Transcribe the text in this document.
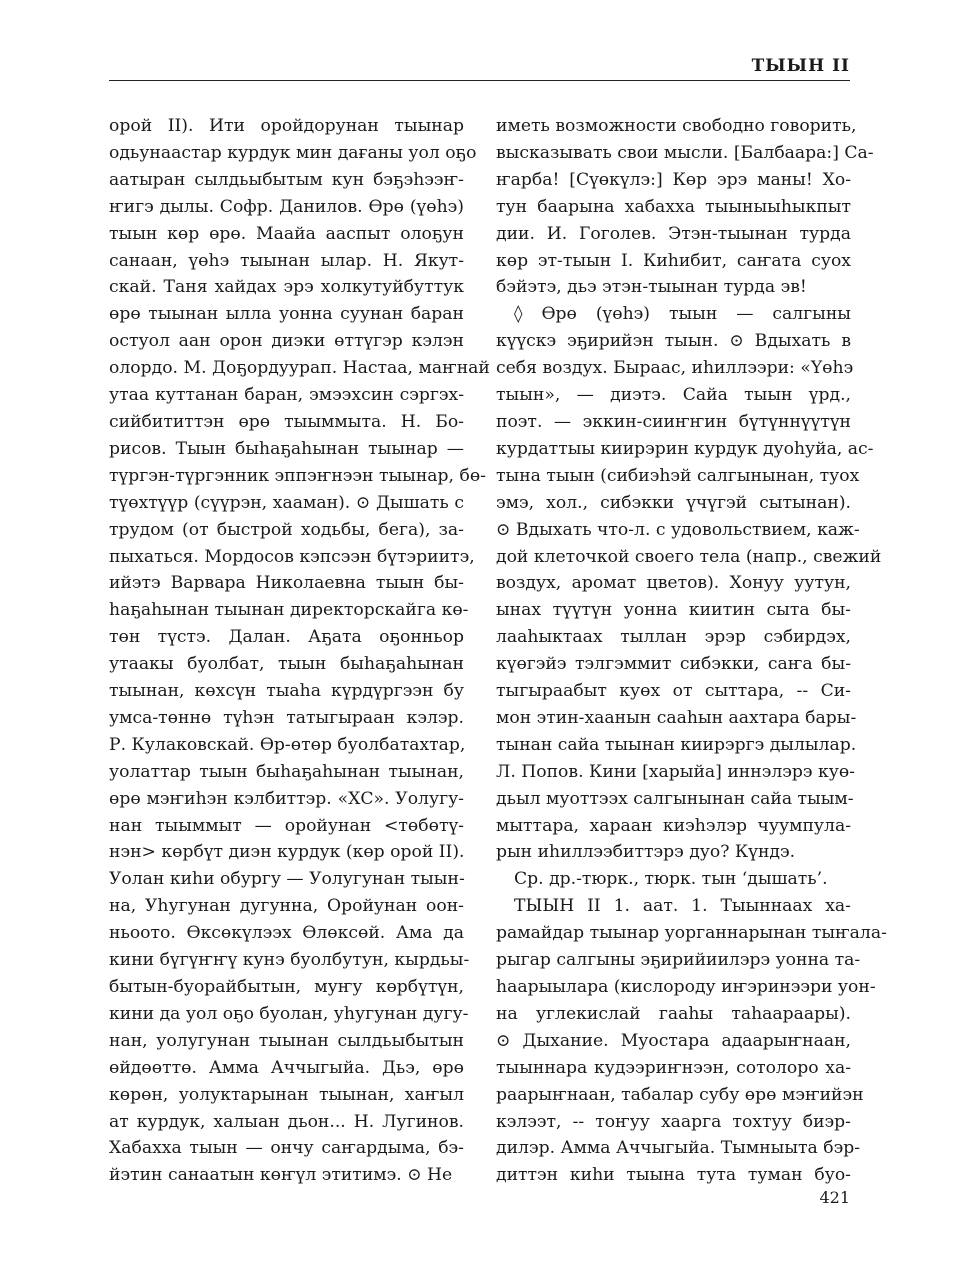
ТЫЫН II
орой II). Ити оройдорунан тыынар
одьунаастар курдук мин дағаны уол оҕо
аатыран сылдьыбытым кун бэҕэһээҥ-
ҥигэ дылы. Софр. Данилов. Өрө (үөһэ)
тыын көр өрө. Маайа ааспыт олоҕун
санаан, үөһэ тыынан ылар. Н. Якут-
скай. Таня хайдах эрэ холкутуйбуттук
өрө тыынан ылла уонна суунан баран
остуол аан орон диэки өттүгэр кэлэн
олордо. М. Доҕордуурап. Настаа, маҥнай
утаа куттанан баран, эмээхсин сэргэх-
сийбититтэн өрө тыыммыта. Н. Бо-
рисов. Тыын быһаҕаһынан тыынар —
түргэн-түргэнник эппэҥнээн тыынар, бө-
түөхтүүр (сүүрэн, хааман). ⊙ Дышать с
трудом (от быстрой ходьбы, бега), за-
пыхаться. Мордосов кэпсээн бүтэриитэ,
ийэтэ Варвара Николаевна тыын бы-
һаҕаһынан тыынан директорскайга кө-
төн түстэ. Далан. Аҕата оҕонньор
утаакы буолбат, тыын быһаҕаһынан
тыынан, көхсүн тыаһа күрдүргээн бу
умса-төннө түһэн татыгыраан кэлэр.
Р. Кулаковскай. Өр-өтөр буолбатахтар,
уолаттар тыын быһаҕаһынан тыынан,
өрө мэҥиһэн кэлбиттэр. «ХС». Уолугу-
нан тыыммыт — оройунан <төбөтү-
нэн> көрбүт диэн курдук (көр орой II).
Уолан киһи обургу — Уолугунан тыын-
на, Уһугунан дугунна, Оройунан оон-
ньоото. Өксөкүлээх Өлөксөй. Ама да
кини бүгүҥҥү кунэ буолбутун, кырдьы-
бытын-буорайбытын, муҥу көрбүтүн,
кини да уол оҕо буолан, уһугунан дугу-
нан, уолугунан тыынан сылдьыбытын
өйдөөттө. Амма Аччыгыйа. Дьэ, өрө
көрөн, уолуктарынан тыынан, хаҥыл
ат курдук, халыан дьон... Н. Лугинов.
Хабахха тыын — ончу саҥардыма, бэ-
йэтин санаатын көҥүл этитимэ. ⊙ Не
иметь возможности свободно говорить,
высказывать свои мысли. [Балбаара:] Са-
ҥарба! [Сүөкүлэ:] Көр эрэ маны! Хо-
тун баарына хабахха тыыныыһыкпыт
дии. И. Гоголев. Этэн-тыынан турда
көр эт-тыын I. Киһибит, саҥата суох
бэйэтэ, дьэ этэн-тыынан турда эв!
◊ Өрө (үөһэ) тыын — салгыны
күүскэ эҕирийэн тыын. ⊙ Вдыхать в
себя воздух. Быраас, иһиллээри: «Үөһэ
тыын», — диэтэ. Сайа тыын үрд.,
поэт. — эккин-сииҥҥин бүтүннүүтүн
курдаттыы киирэрин курдук дуоһуйа, ас-
тына тыын (сибиэһэй салгынынан, туох
эмэ, хол., сибэкки үчүгэй сытынан).
⊙ Вдыхать что-л. с удовольствием, каж-
дой клеточкой своего тела (напр., свежий
воздух, аромат цветов). Хонуу уутун,
ынах түүтүн уонна киитин сыта бы-
лааһыктаах тыллан эрэр сэбирдэх,
күөгэйэ тэлгэммит сибэкки, саҥа бы-
тыгыраабыт куөх от сыттара, -- Си-
мон этин-хаанын сааһын аахтара бары-
тынан сайа тыынан киирэргэ дылылар.
Л. Попов. Кини [харыйа] иннэлэрэ куө-
дьыл муоттээх салгынынан сайа тыым-
мыттара, хараан киэһэлэр чуумпула-
рын иһиллээбиттэрэ дуо? Күндэ.
Ср. др.-тюрк., тюрк. тын ‘дышать’.
ТЫЫН II 1. аат. 1. Тыыннаах ха-
рамайдар тыынар уорганнарынан тыҥала-
рыгар салгыны эҕирийиилэрэ уонна та-
һаарыылара (кислороду иҥэринээри уон-
на углекислай гааһы таһаараары).
⊙ Дыхание. Муостара адаарыҥнаан,
тыыннара кудээриҥнээн, сотолоро ха-
раарыҥнаан, табалар субу өрө мэҥийэн
кэлээт, -- тоҥуу хаарга тохтуу биэр-
дилэр. Амма Аччыгыйа. Тымныыта бэр-
диттэн киһи тыына тута туман буо-
421
